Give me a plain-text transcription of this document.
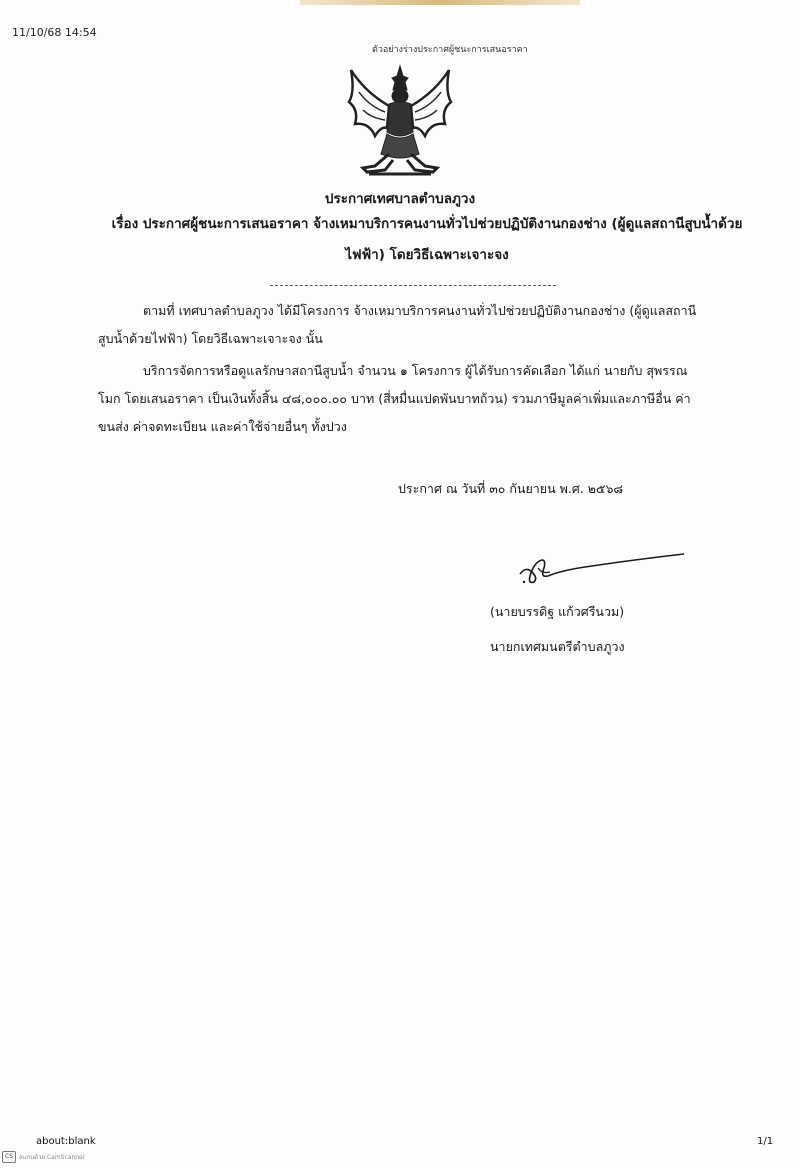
11/10/68 14:54
ตัวอย่างร่างประกาศผู้ชนะการเสนอราคา
ประกาศเทศบาลตำบลภูวง
เรื่อง ประกาศผู้ชนะการเสนอราคา จ้างเหมาบริการคนงานทั่วไปช่วยปฏิบัติงานกองช่าง (ผู้ดูแลสถานีสูบน้ำด้วย
ไฟฟ้า) โดยวิธีเฉพาะเจาะจง
ตามที่ เทศบาลตำบลภูวง ได้มีโครงการ จ้างเหมาบริการคนงานทั่วไปช่วยปฏิบัติงานกองช่าง (ผู้ดูแลสถานี
สูบน้ำด้วยไฟฟ้า) โดยวิธีเฉพาะเจาะจง นั้น
บริการจัดการหรือดูแลรักษาสถานีสูบน้ำ จำนวน ๑ โครงการ ผู้ได้รับการคัดเลือก ได้แก่ นายกับ สุพรรณ
โมก โดยเสนอราคา เป็นเงินทั้งสิ้น ๔๘,๐๐๐.๐๐ บาท (สี่หมื่นแปดพันบาทถ้วน) รวมภาษีมูลค่าเพิ่มและภาษีอื่น ค่า
ขนส่ง ค่าจดทะเบียน และค่าใช้จ่ายอื่นๆ ทั้งปวง
ประกาศ ณ วันที่ ๓๐ กันยายน พ.ศ. ๒๕๖๘
(นายบรรดิฐ แก้วศรีนวม)
นายกเทศมนตรีตำบลภูวง
about:blank	1/1
CS	สแกนด้วย CamScanner
